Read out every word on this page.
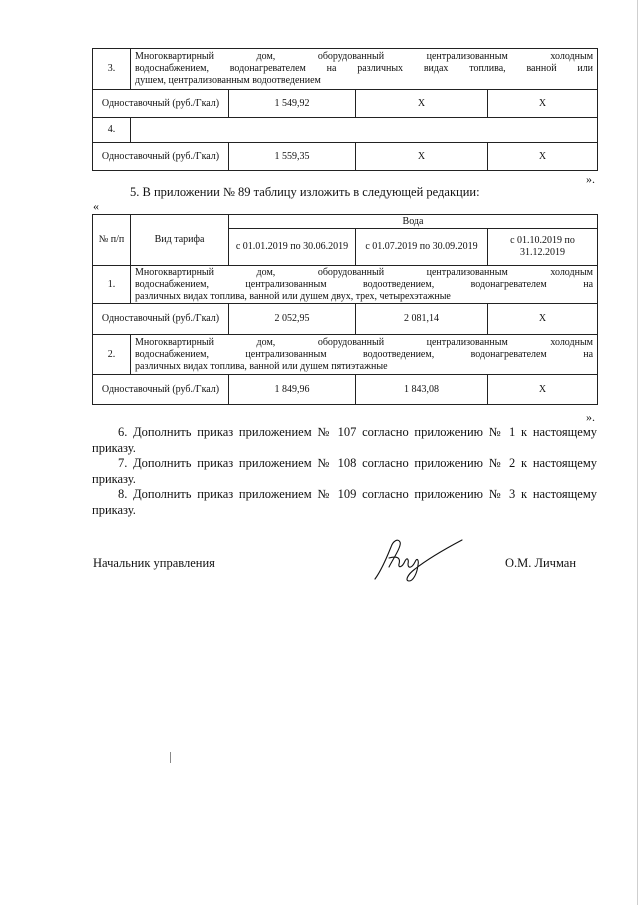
3.	Многоквартирный дом, оборудованный централизованным холодным
водоснабжением, водонагревателем на различных видах топлива, ванной или
душем, централизованным водоотведением			

Одноставочный (руб./Гкал)		1 549,92	X	X
4.				
Одноставочный (руб./Гкал)		1 559,35	X	X
».
5. В приложении № 89 таблицу изложить в следующей редакции:
«
№ п/п	Вид тарифа	Вода		
		с 01.01.2019 по 30.06.2019	с 01.07.2019 по 30.09.2019	с 01.10.2019 по 31.12.2019
1.	Многоквартирный дом, оборудованный централизованным холодным
водоснабжением, централизованным водоотведением, водонагревателем на
различных видах топлива, ванной или душем двух, трех, четырехэтажные			

Одноставочный (руб./Гкал)		2 052,95	2 081,14	X
2.	Многоквартирный дом, оборудованный централизованным холодным
водоснабжением, централизованным водоотведением, водонагревателем на
различных видах топлива, ванной или душем пятиэтажные			

Одноставочный (руб./Гкал)		1 849,96	1 843,08	X
».

6. Дополнить приказ приложением № 107 согласно приложению № 1 к настоящему приказу.

7. Дополнить приказ приложением № 108 согласно приложению № 2 к настоящему приказу.

8. Дополнить приказ приложением № 109 согласно приложению № 3 к настоящему приказу.

Начальник управления	О.М. Личман
